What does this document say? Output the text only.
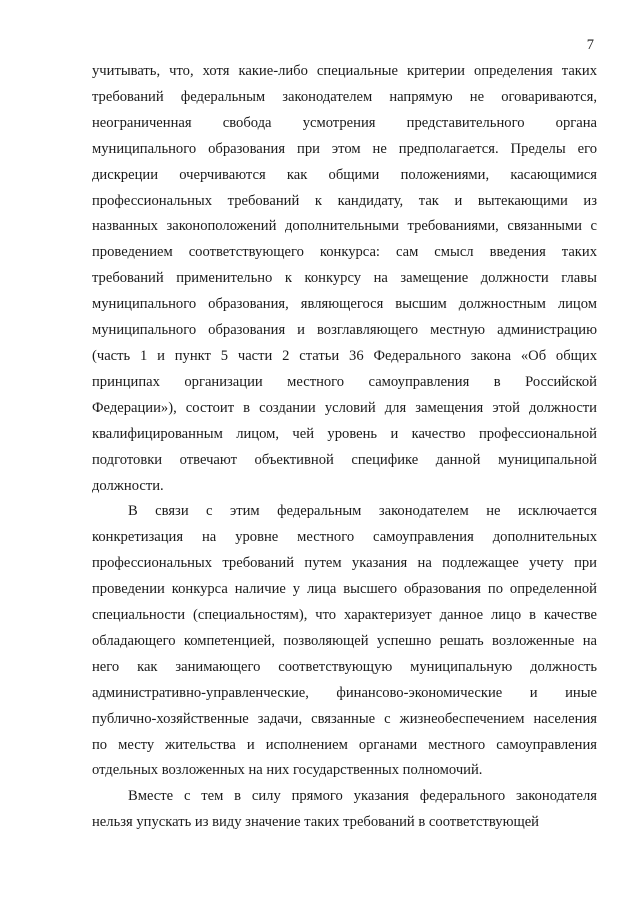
7

учитывать, что, хотя какие-либо специальные критерии определения таких
требований федеральным законодателем напрямую не оговариваются,
неограниченная свобода усмотрения представительного органа
муниципального образования при этом не предполагается. Пределы его
дискреции очерчиваются как общими положениями, касающимися
профессиональных требований к кандидату, так и вытекающими из
названных законоположений дополнительными требованиями, связанными с
проведением соответствующего конкурса: сам смысл введения таких
требований применительно к конкурсу на замещение должности главы
муниципального образования, являющегося высшим должностным лицом
муниципального образования и возглавляющего местную администрацию
(часть 1 и пункт 5 части 2 статьи 36 Федерального закона «Об общих
принципах организации местного самоуправления в Российской
Федерации»), состоит в создании условий для замещения этой должности
квалифицированным лицом, чей уровень и качество профессиональной
подготовки отвечают объективной специфике данной муниципальной
должности.

В связи с этим федеральным законодателем не исключается
конкретизация на уровне местного самоуправления дополнительных
профессиональных требований путем указания на подлежащее учету при
проведении конкурса наличие у лица высшего образования по определенной
специальности (специальностям), что характеризует данное лицо в качестве
обладающего компетенцией, позволяющей успешно решать возложенные на
него как занимающего соответствующую муниципальную должность
административно-управленческие, финансово-экономические и иные
публично-хозяйственные задачи, связанные с жизнеобеспечением населения
по месту жительства и исполнением органами местного самоуправления
отдельных возложенных на них государственных полномочий.

Вместе с тем в силу прямого указания федерального законодателя
нельзя упускать из виду значение таких требований в соответствующей
